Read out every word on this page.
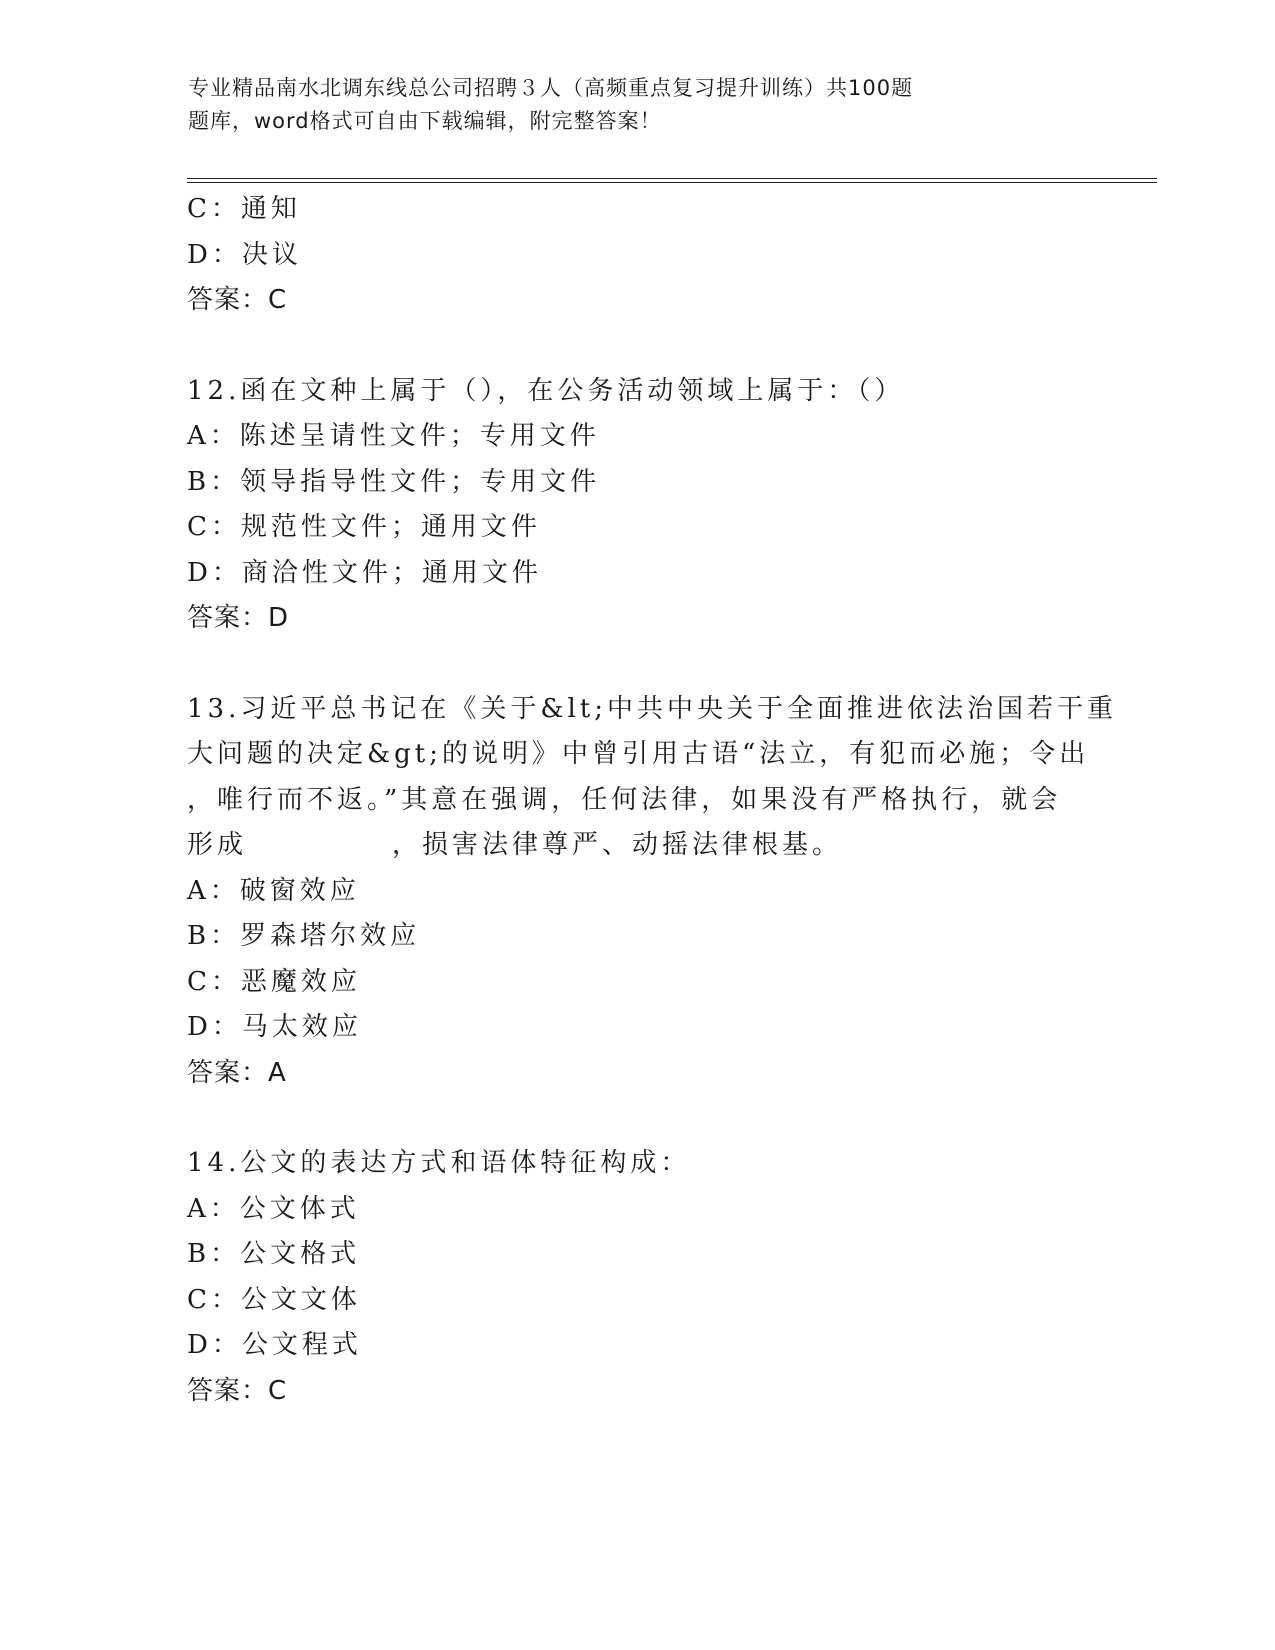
专业精品南水北调东线总公司招聘３人（高频重点复习提升训练）共100题
题库，word格式可自由下载编辑，附完整答案！
C：通知
D：决议
答案：C
12.函在文种上属于（），在公务活动领域上属于：（）
A：陈述呈请性文件；专用文件
B：领导指导性文件；专用文件
C：规范性文件；通用文件
D：商洽性文件；通用文件
答案：D
13.习近平总书记在《关于&lt;中共中央关于全面推进依法治国若干重
大问题的决定&gt;的说明》中曾引用古语“法立，有犯而必施；令出
，唯行而不返。”其意在强调，任何法律，如果没有严格执行，就会
形成	，损害法律尊严、动摇法律根基。
A：破窗效应
B：罗森塔尔效应
C：恶魔效应
D：马太效应
答案：A
14.公文的表达方式和语体特征构成：
A：公文体式
B：公文格式
C：公文文体
D：公文程式
答案：C
